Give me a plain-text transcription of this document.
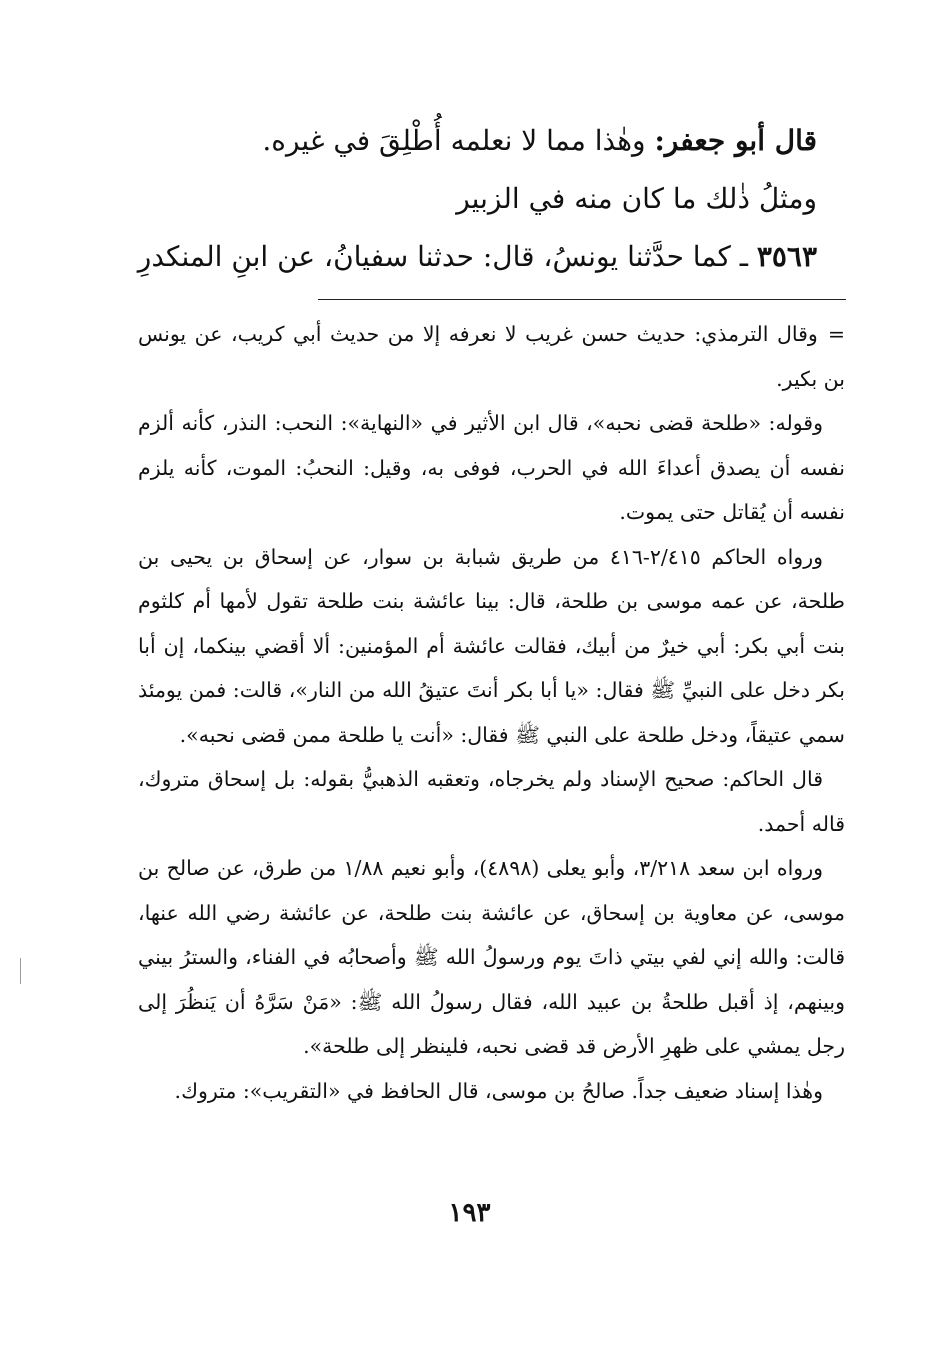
قال أبو جعفر: وهٰذا مما لا نعلمه أُطْلِقَ في غيره.

ومثلُ ذٰلك ما كان منه في الزبير

٣٥٦٣ ـ كما حدَّثنا يونسُ، قال: حدثنا سفيانُ، عن ابنِ المنكدرِ

=وقال الترمذي: حديث حسن غريب لا نعرفه إلا من حديث أبي كريب، عن يونس بن بكير.

وقوله: «طلحة قضى نحبه»، قال ابن الأثير في «النهاية»: النحب: النذر، كأنه ألزم نفسه أن يصدق أعداءَ الله في الحرب، فوفى به، وقيل: النحبُ: الموت، كأنه يلزم نفسه أن يُقاتل حتى يموت.

ورواه الحاكم ٢/٤١٥-٤١٦ من طريق شبابة بن سوار، عن إسحاق بن يحيى بن طلحة، عن عمه موسى بن طلحة، قال: بينا عائشة بنت طلحة تقول لأمها أم كلثوم بنت أبي بكر: أبي خيرٌ من أبيك، فقالت عائشة أم المؤمنين: ألا أقضي بينكما، إن أبا بكر دخل على النبيِّ ﷺ فقال: «يا أبا بكر أنتَ عتيقُ الله من النار»، قالت: فمن يومئذ سمي عتيقاً، ودخل طلحة على النبي ﷺ فقال: «أنت يا طلحة ممن قضى نحبه».

قال الحاكم: صحيح الإسناد ولم يخرجاه، وتعقبه الذهبيُّ بقوله: بل إسحاق متروك، قاله أحمد.

ورواه ابن سعد ٣/٢١٨، وأبو يعلى (٤٨٩٨)، وأبو نعيم ١/٨٨ من طرق، عن صالح بن موسى، عن معاوية بن إسحاق، عن عائشة بنت طلحة، عن عائشة رضي الله عنها، قالت: والله إني لفي بيتي ذاتَ يوم ورسولُ الله ﷺ وأصحابُه في الفناء، والسترُ بيني وبينهم، إذ أقبل طلحةُ بن عبيد الله، فقال رسولُ الله ﷺ: «مَنْ سَرَّهُ أن يَنظُرَ إلى رجل يمشي على ظهرِ الأرض قد قضى نحبه، فلينظر إلى طلحة».

وهٰذا إسناد ضعيف جداً. صالحُ بن موسى، قال الحافظ في «التقريب»: متروك.

١٩٣
